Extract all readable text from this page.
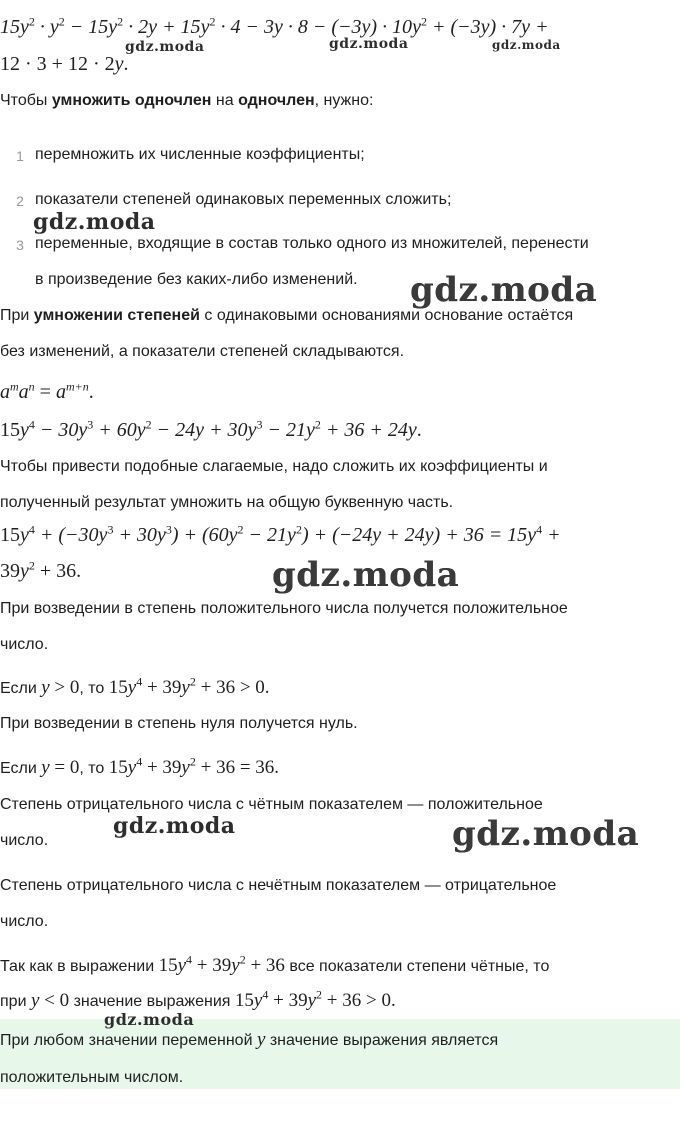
$15y^2 \cdot y^2 - 15y^2 \cdot 2y + 15y^2 \cdot 4 - 3y \cdot 8 - (-3y) \cdot 10y^2 + (-3y) \cdot 7y$ +
12 · 3 + 12 · 2y.
Чтобы умножить одночлен на одночлен, нужно:
1 перемножить их численные коэффициенты;
2 показатели степеней одинаковых переменных сложить;
3 переменные, входящие в состав только одного из множителей, перенести
в произведение без каких-либо изменений.
При умножении степеней с одинаковыми основаниями основание остаётся
без изменений, а показатели степеней складываются.
$a^ma^n = a^{m+n}$.
$15y^4 - 30y^3 + 60y^2 - 24y + 30y^3 - 21y^2 + 36 + 24y$.
Чтобы привести подобные слагаемые, надо сложить их коэффициенты и
полученный результат умножить на общую буквенную часть.
$15y^4 + (-30y^3 + 30y^3) + (60y^2 - 21y^2) + (-24y + 24y) + 36 = 15y^4$ +
$39y^2 + 36$.
При возведении в степень положительного числа получется положительное
число.
Если y > 0, то $15y^4 + 39y^2 + 36 > 0$.
При возведении в степень нуля получется нуль.
Если y = 0, то $15y^4 + 39y^2 + 36 = 36$.
Степень отрицательного числа с чётным показателем — положительное
число.
Степень отрицательного числа с нечётным показателем — отрицательное
число.
Так как в выражении $15y^4 + 39y^2 + 36$ все показатели степени чётные, то
при y < 0 значение выражения $15y^4 + 39y^2 + 36 > 0$.
При любом значении переменной y значение выражения является
положительным числом.
gdz.moda	gdz.moda	gdz.moda
gdz.moda
gdz.moda
gdz.moda
gdz.moda	gdz.moda
gdz.moda
